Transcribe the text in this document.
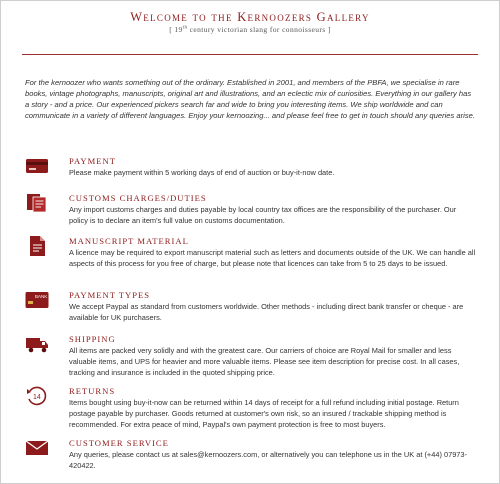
Welcome to the Kernoozers Gallery
[ 19th century victorian slang for connoisseurs ]
For the kernoozer who wants something out of the ordinary. Established in 2001, and members of the PBFA, we specialise in rare books, vintage photographs, manuscripts, original art and illustrations, and an eclectic mix of curiosities. Everything in our gallery has a story - and a price. Our experienced pickers search far and wide to bring you interesting items. We ship worldwide and can communicate in a variety of different languages. Enjoy your kernoozing... and please feel free to get in touch should any queries arise.
PAYMENT
Please make payment within 5 working days of end of auction or buy-it-now date.
CUSTOMS CHARGES/DUTIES
Any import customs charges and duties payable by local country tax offices are the responsibility of the purchaser. Our policy is to declare an item's full value on customs documentation.
MANUSCRIPT MATERIAL
A licence may be required to export manuscript material such as letters and documents outside of the UK. We can handle all aspects of this process for you free of charge, but please note that licences can take from 5 to 25 days to be issued.
BANK	PAYMENT TYPES
We accept Paypal as standard from customers worldwide. Other methods - including direct bank transfer or cheque - are available for UK purchasers.
SHIPPING
All items are packed very solidly and with the greatest care. Our carriers of choice are Royal Mail for smaller and less valuable items, and UPS for heavier and more valuable items. Please see item description for precise cost. In all cases, tracking and insurance is included in the quoted shipping price.
14
RETURNS
Items bought using buy-it-now can be returned within 14 days of receipt for a full refund including initial postage. Return postage payable by purchaser. Goods returned at customer's own risk, so an insured / trackable shipping method is recommended. For extra peace of mind, Paypal's own payment protection is free to most buyers.
CUSTOMER SERVICE
Any queries, please contact us at sales@kernoozers.com, or alternatively you can telephone us in the UK at (+44) 07973-420422.
